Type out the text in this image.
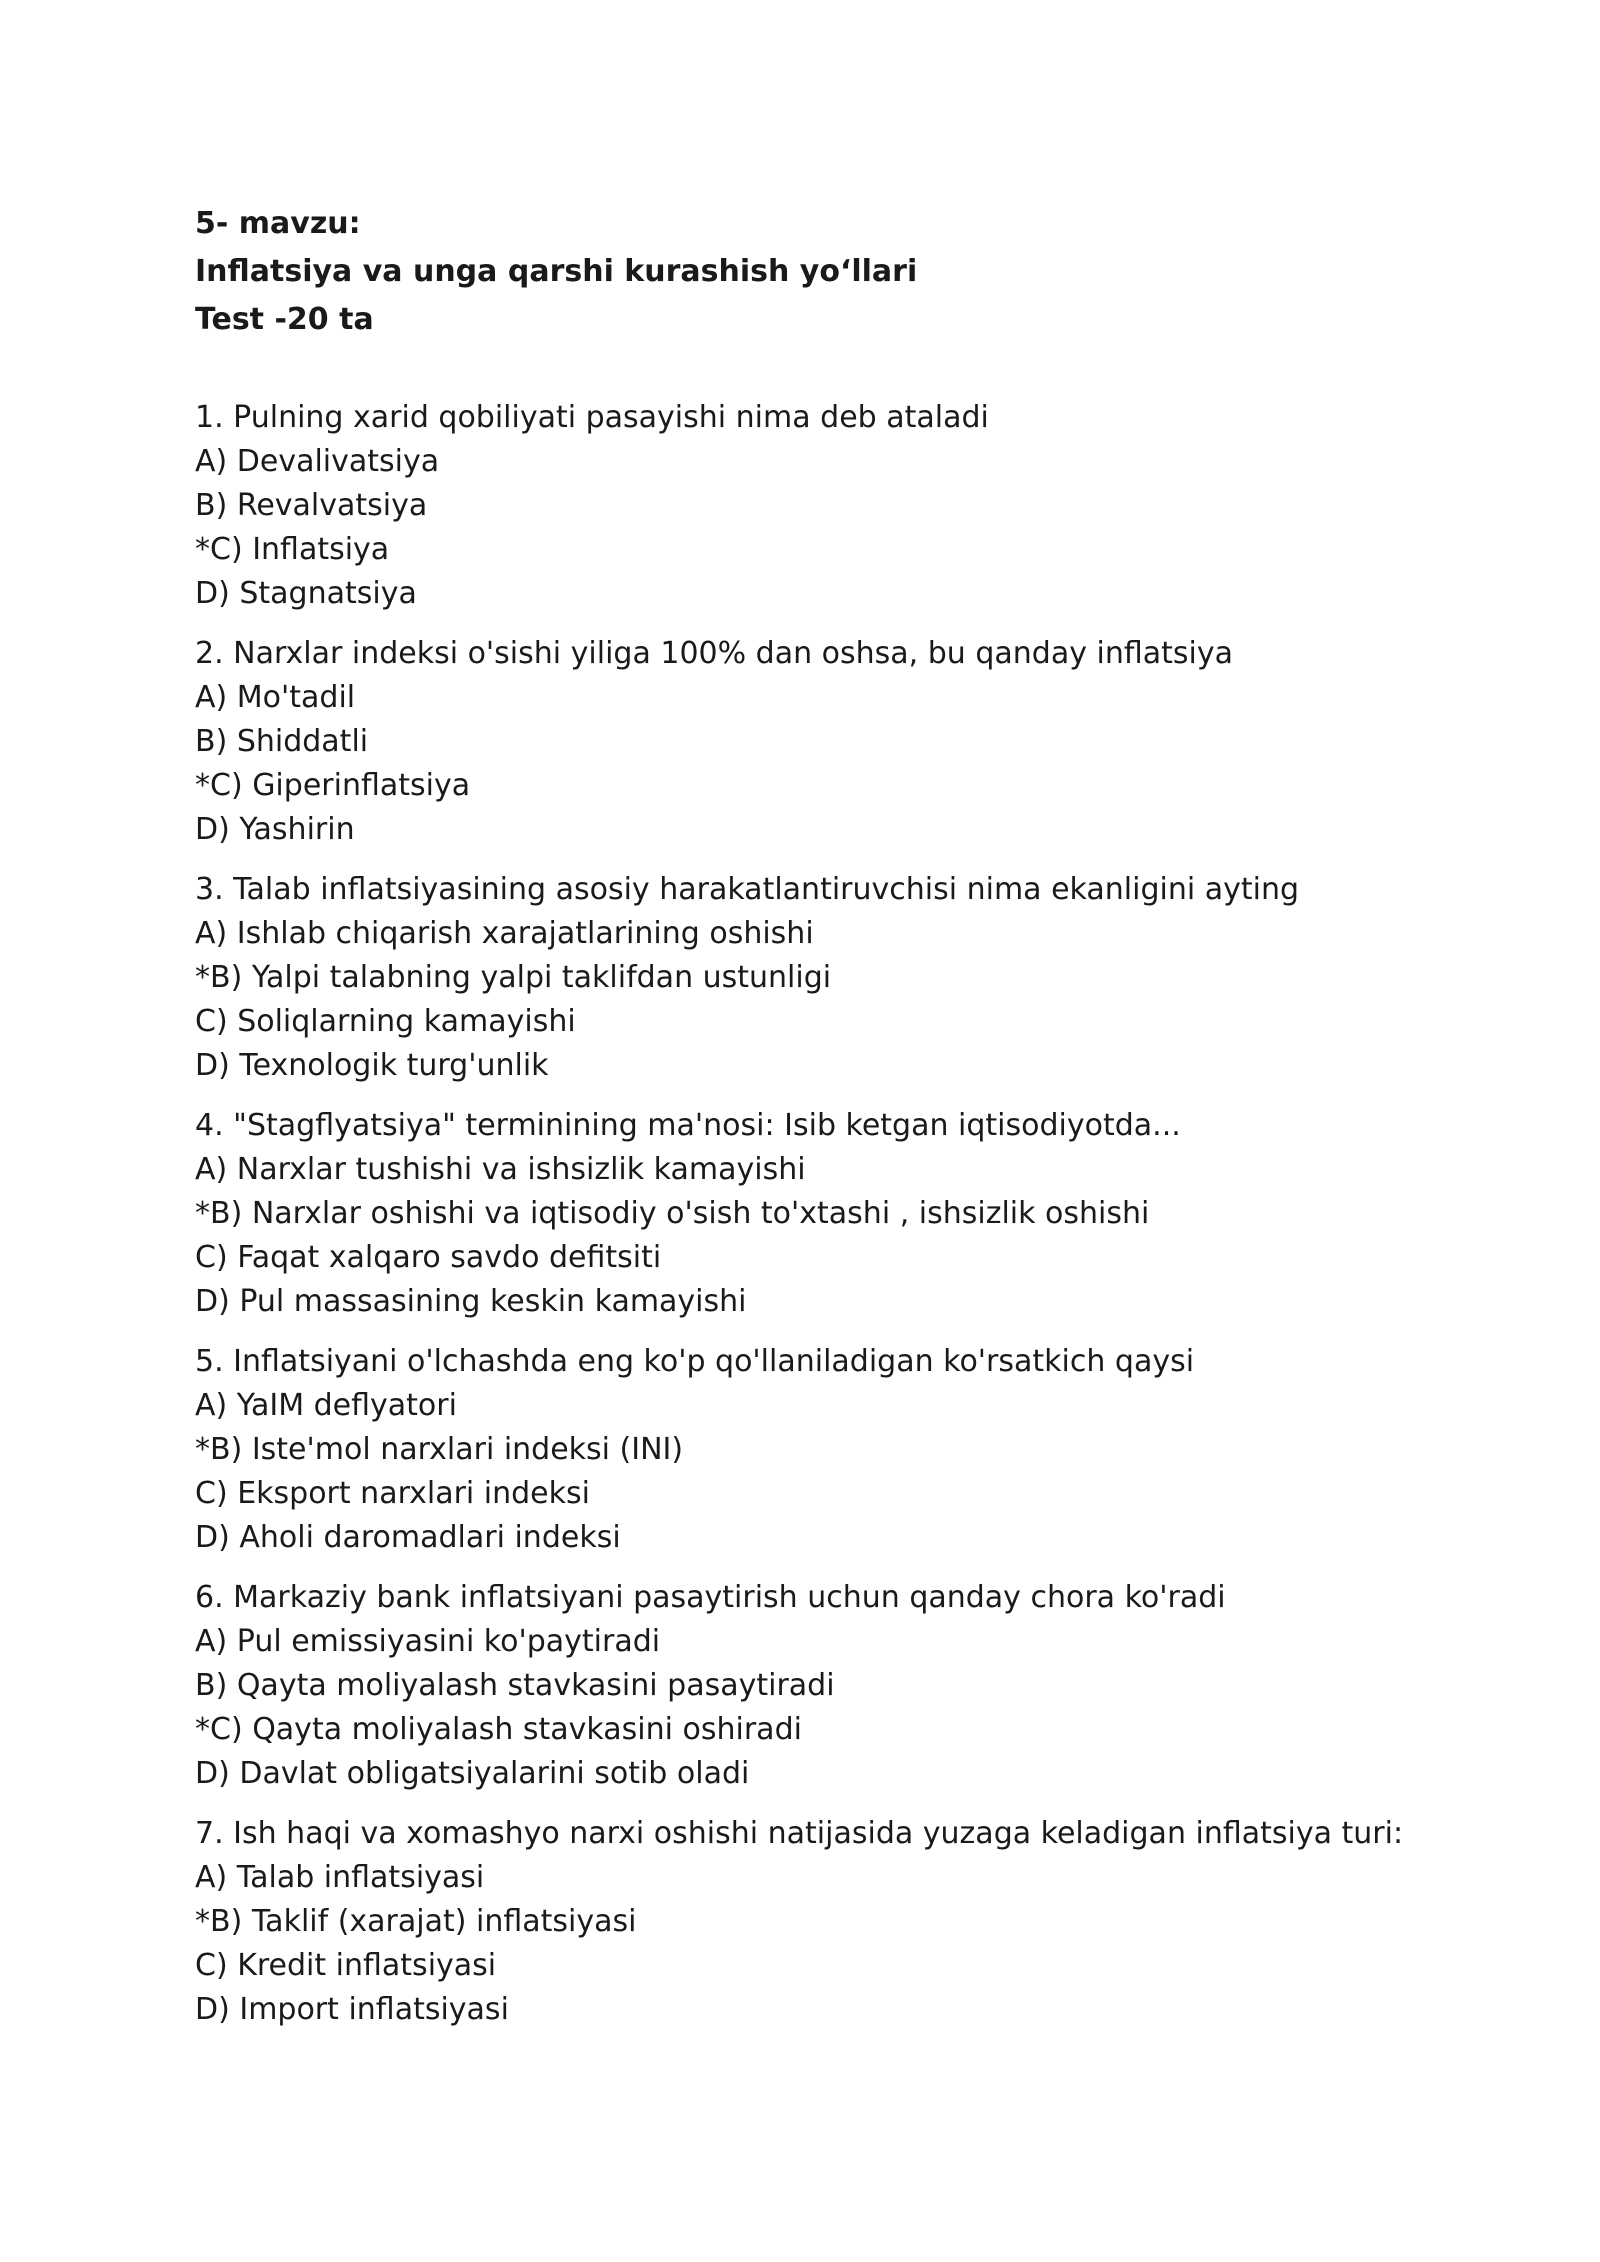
5- mavzu:
Inflatsiya va unga qarshi kurashish yo‘llari
Test -20 ta
1. Pulning xarid qobiliyati pasayishi nima deb ataladi
A) Devalivatsiya
B) Revalvatsiya
*C) Inflatsiya
D) Stagnatsiya
2. Narxlar indeksi o'sishi yiliga 100% dan oshsa, bu qanday inflatsiya
A) Mo'tadil
B) Shiddatli
*C) Giperinflatsiya
D) Yashirin
3. Talab inflatsiyasining asosiy harakatlantiruvchisi nima ekanligini ayting
A) Ishlab chiqarish xarajatlarining oshishi
*B) Yalpi talabning yalpi taklifdan ustunligi
C) Soliqlarning kamayishi
D) Texnologik turg'unlik
4. "Stagflyatsiya" terminining ma'nosi: Isib ketgan iqtisodiyotda...
A) Narxlar tushishi va ishsizlik kamayishi
*B) Narxlar oshishi va iqtisodiy o'sish to'xtashi , ishsizlik oshishi
C) Faqat xalqaro savdo defitsiti
D) Pul massasining keskin kamayishi
5. Inflatsiyani o'lchashda eng ko'p qo'llaniladigan ko'rsatkich qaysi
A) YaIM deflyatori
*B) Iste'mol narxlari indeksi (INI)
C) Eksport narxlari indeksi
D) Aholi daromadlari indeksi
6. Markaziy bank inflatsiyani pasaytirish uchun qanday chora ko'radi
A) Pul emissiyasini ko'paytiradi
B) Qayta moliyalash stavkasini pasaytiradi
*C) Qayta moliyalash stavkasini oshiradi
D) Davlat obligatsiyalarini sotib oladi
7. Ish haqi va xomashyo narxi oshishi natijasida yuzaga keladigan inflatsiya turi:
A) Talab inflatsiyasi
*B) Taklif (xarajat) inflatsiyasi
C) Kredit inflatsiyasi
D) Import inflatsiyasi
